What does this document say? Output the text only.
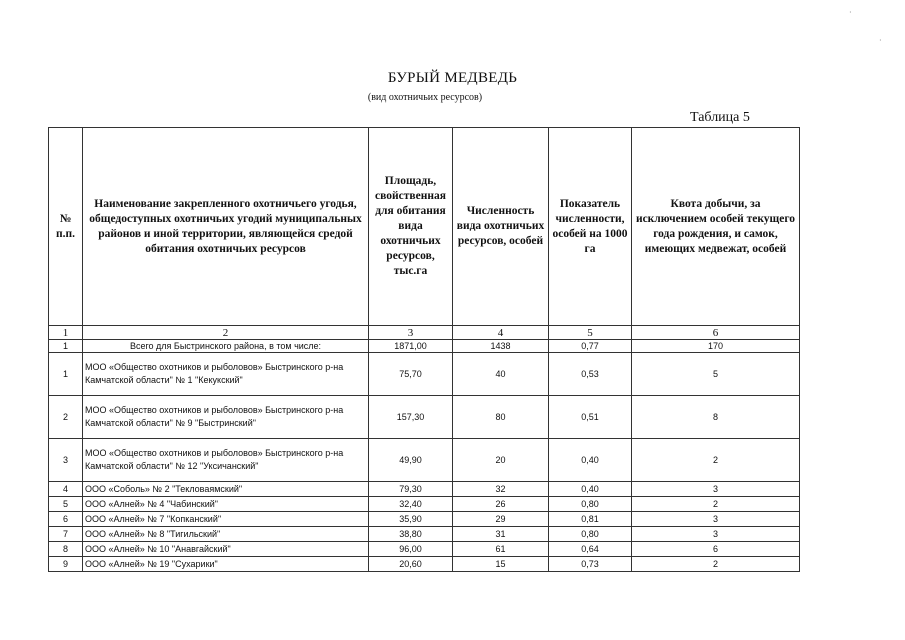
БУРЫЙ МЕДВЕДЬ
(вид охотничьих ресурсов)
Таблица 5
№ п.п.	Наименование закрепленного охотничьего угодья, общедоступных охотничьих угодий муниципальных районов и иной территории, являющейся средой обитания охотничьих ресурсов	Площадь, свойственная для обитания вида охотничьих ресурсов, тыс.га	Численность вида охотничьих ресурсов, особей	Показатель численности, особей на 1000 га	Квота добычи, за исключением особей текущего года рождения, и самок, имеющих медвежат, особей
1	2	3	4	5	6
1	Всего для Быстринского района, в том числе:	1871,00	1438	0,77	170
1	МОО «Общество охотников и рыболовов» Быстринского р-на Камчатской области" № 1 "Кекукский"	75,70	40	0,53	5
2	МОО «Общество охотников и рыболовов» Быстринского р-на Камчатской области" № 9 "Быстринский"	157,30	80	0,51	8
3	МОО «Общество охотников и рыболовов» Быстринского р-на Камчатской области" № 12 "Уксичанский"	49,90	20	0,40	2
4	ООО «Соболь» № 2 "Текловаямский"	79,30	32	0,40	3
5	ООО «Алней» № 4 "Чабинский"	32,40	26	0,80	2
6	ООО «Алней» № 7 "Копканский"	35,90	29	0,81	3
7	ООО «Алней» № 8 "Тигильский"	38,80	31	0,80	3
8	ООО «Алней» № 10 "Анавгайский"	96,00	61	0,64	6
9	ООО «Алней» № 19 "Сухарики"	20,60	15	0,73	2
·
·
